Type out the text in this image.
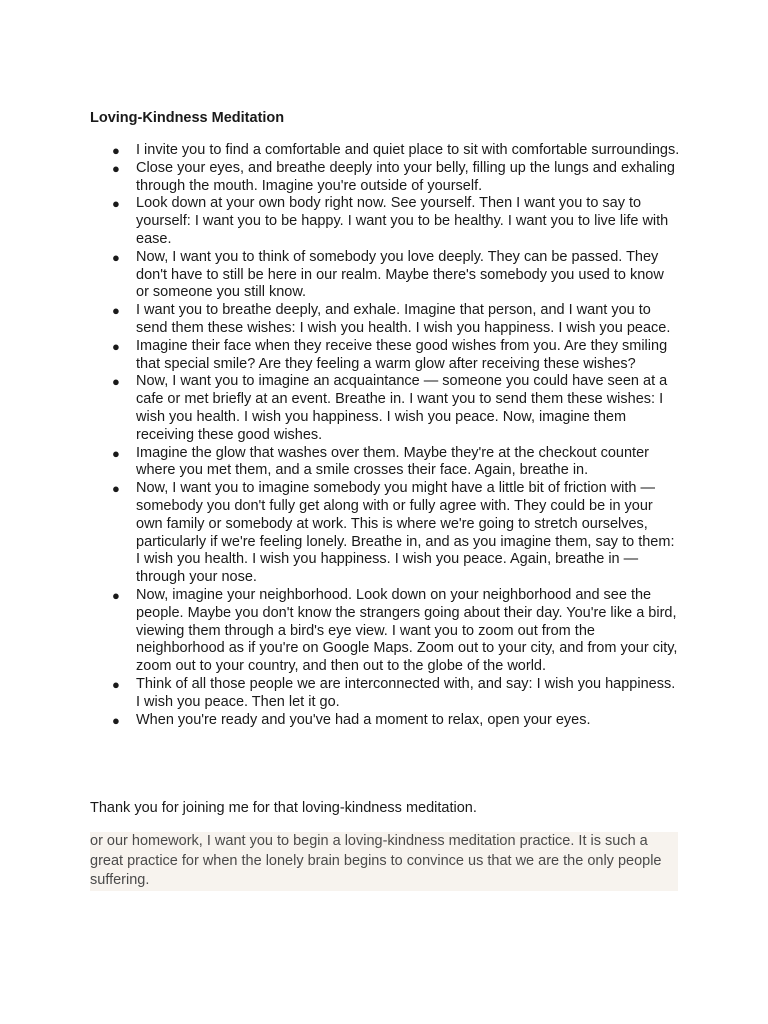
Loving-Kindness Meditation

● I invite you to find a comfortable and quiet place to sit with comfortable surroundings.
● Close your eyes, and breathe deeply into your belly, filling up the lungs and exhaling through the mouth. Imagine you're outside of yourself.
● Look down at your own body right now. See yourself. Then I want you to say to yourself: I want you to be happy. I want you to be healthy. I want you to live life with ease.
● Now, I want you to think of somebody you love deeply. They can be passed. They don't have to still be here in our realm. Maybe there's somebody you used to know or someone you still know.
● I want you to breathe deeply, and exhale. Imagine that person, and I want you to send them these wishes: I wish you health. I wish you happiness. I wish you peace.
● Imagine their face when they receive these good wishes from you. Are they smiling that special smile? Are they feeling a warm glow after receiving these wishes?
● Now, I want you to imagine an acquaintance — someone you could have seen at a cafe or met briefly at an event. Breathe in. I want you to send them these wishes: I wish you health. I wish you happiness. I wish you peace. Now, imagine them receiving these good wishes.
● Imagine the glow that washes over them. Maybe they're at the checkout counter where you met them, and a smile crosses their face. Again, breathe in.
● Now, I want you to imagine somebody you might have a little bit of friction with — somebody you don't fully get along with or fully agree with. They could be in your own family or somebody at work. This is where we're going to stretch ourselves, particularly if we're feeling lonely. Breathe in, and as you imagine them, say to them: I wish you health. I wish you happiness. I wish you peace. Again, breathe in — through your nose.
● Now, imagine your neighborhood. Look down on your neighborhood and see the people. Maybe you don't know the strangers going about their day. You're like a bird, viewing them through a bird's eye view. I want you to zoom out from the neighborhood as if you're on Google Maps. Zoom out to your city, and from your city, zoom out to your country, and then out to the globe of the world.
● Think of all those people we are interconnected with, and say: I wish you happiness. I wish you peace. Then let it go.
● When you're ready and you've had a moment to relax, open your eyes.

Thank you for joining me for that loving-kindness meditation.

or our homework, I want you to begin a loving-kindness meditation practice. It is such a great practice for when the lonely brain begins to convince us that we are the only people suffering.
